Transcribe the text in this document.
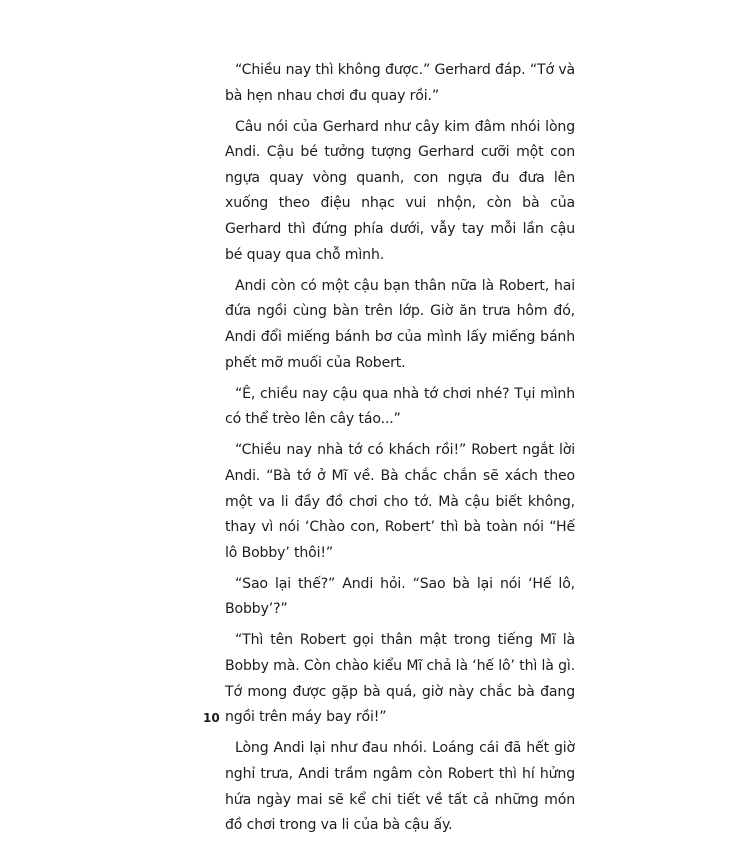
“Chiều nay thì không được.” Gerhard đáp. “Tớ và bà hẹn nhau chơi đu quay rồi.”

Câu nói của Gerhard như cây kim đâm nhói lòng Andi. Cậu bé tưởng tượng Gerhard cưỡi một con ngựa quay vòng quanh, con ngựa đu đưa lên xuống theo điệu nhạc vui nhộn, còn bà của Gerhard thì đứng phía dưới, vẫy tay mỗi lần cậu bé quay qua chỗ mình.

Andi còn có một cậu bạn thân nữa là Robert, hai đứa ngồi cùng bàn trên lớp. Giờ ăn trưa hôm đó, Andi đổi miếng bánh bơ của mình lấy miếng bánh phết mỡ muối của Robert.

“Ê, chiều nay cậu qua nhà tớ chơi nhé? Tụi mình có thể trèo lên cây táo...”

“Chiều nay nhà tớ có khách rồi!” Robert ngắt lời Andi. “Bà tớ ở Mĩ về. Bà chắc chắn sẽ xách theo một va li đầy đồ chơi cho tớ. Mà cậu biết không, thay vì nói ‘Chào con, Robert’ thì bà toàn nói “Hế lô Bobby’ thôi!”

“Sao lại thế?” Andi hỏi. “Sao bà lại nói ‘Hế lô, Bobby’?”

“Thì tên Robert gọi thân mật trong tiếng Mĩ là Bobby mà. Còn chào kiểu Mĩ chả là ‘hế lô’ thì là gì. Tớ mong được gặp bà quá, giờ này chắc bà đang ngồi trên máy bay rồi!”

Lòng Andi lại như đau nhói. Loáng cái đã hết giờ nghỉ trưa, Andi trầm ngâm còn Robert thì hí hửng hứa ngày mai sẽ kể chi tiết về tất cả những món đồ chơi trong va li của bà cậu ấy.

10
